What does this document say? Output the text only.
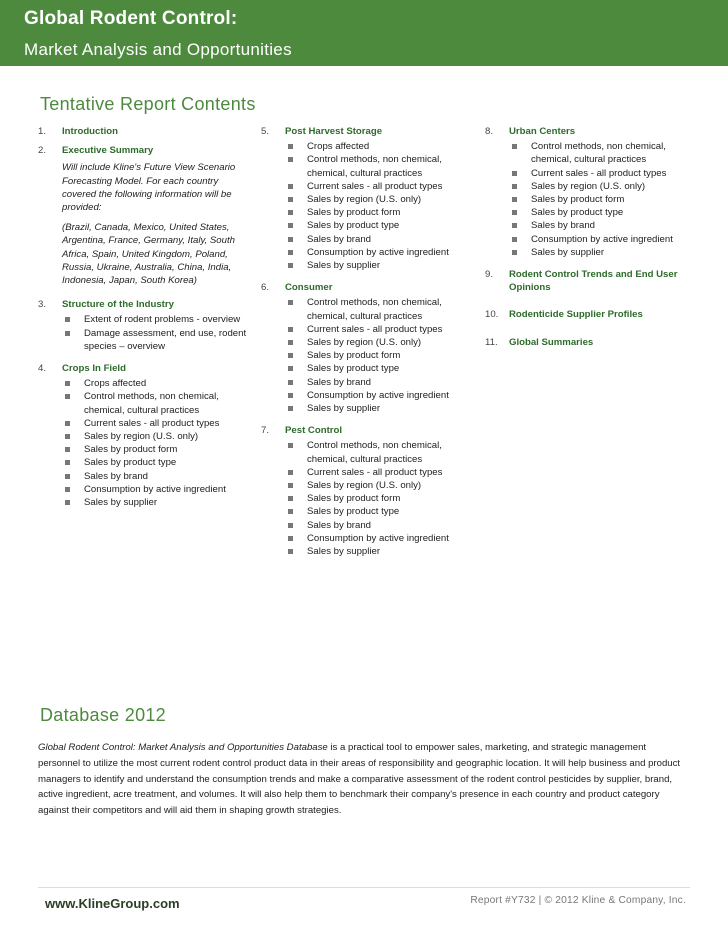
Global Rodent Control:
Market Analysis and Opportunities
Tentative Report Contents
1. Introduction
2. Executive Summary
Will include Kline's Future View Scenario Forecasting Model. For each country covered the following information will be provided:
(Brazil, Canada, Mexico, United States, Argentina, France, Germany, Italy, South Africa, Spain, United Kingdom, Poland, Russia, Ukraine, Australia, China, India, Indonesia, Japan, South Korea)
3. Structure of the Industry
Extent of rodent problems - overview
Damage assessment, end use, rodent species – overview
4. Crops In Field
Crops affected
Control methods, non chemical, chemical, cultural practices
Current sales - all product types
Sales by region (U.S. only)
Sales by product form
Sales by product type
Sales by brand
Consumption by active ingredient
Sales by supplier
5. Post Harvest Storage
Crops affected
Control methods, non chemical, chemical, cultural practices
Current sales - all product types
Sales by region (U.S. only)
Sales by product form
Sales by product type
Sales by brand
Consumption by active ingredient
Sales by supplier
6. Consumer
Control methods, non chemical, chemical, cultural practices
Current sales - all product types
Sales by region (U.S. only)
Sales by product form
Sales by product type
Sales by brand
Consumption by active ingredient
Sales by supplier
7. Pest Control
Control methods, non chemical, chemical, cultural practices
Current sales - all product types
Sales by region (U.S. only)
Sales by product form
Sales by product type
Sales by brand
Consumption by active ingredient
Sales by supplier
8. Urban Centers
Control methods, non chemical, chemical, cultural practices
Current sales - all product types
Sales by region (U.S. only)
Sales by product form
Sales by product type
Sales by brand
Consumption by active ingredient
Sales by supplier
9. Rodent Control Trends and End User Opinions
10. Rodenticide Supplier Profiles
11. Global Summaries
Database 2012
Global Rodent Control: Market Analysis and Opportunities Database is a practical tool to empower sales, marketing, and strategic management personnel to utilize the most current rodent control product data in their areas of responsibility and geographic location. It will help business and product managers to identify and understand the consumption trends and make a comparative assessment of the rodent control pesticides by supplier, brand, active ingredient, acre treatment, and volumes. It will also help them to benchmark their company's presence in each country and product category against their competitors and will aid them in shaping growth strategies.
www.KlineGroup.com	Report #Y732 | © 2012 Kline & Company, Inc.
